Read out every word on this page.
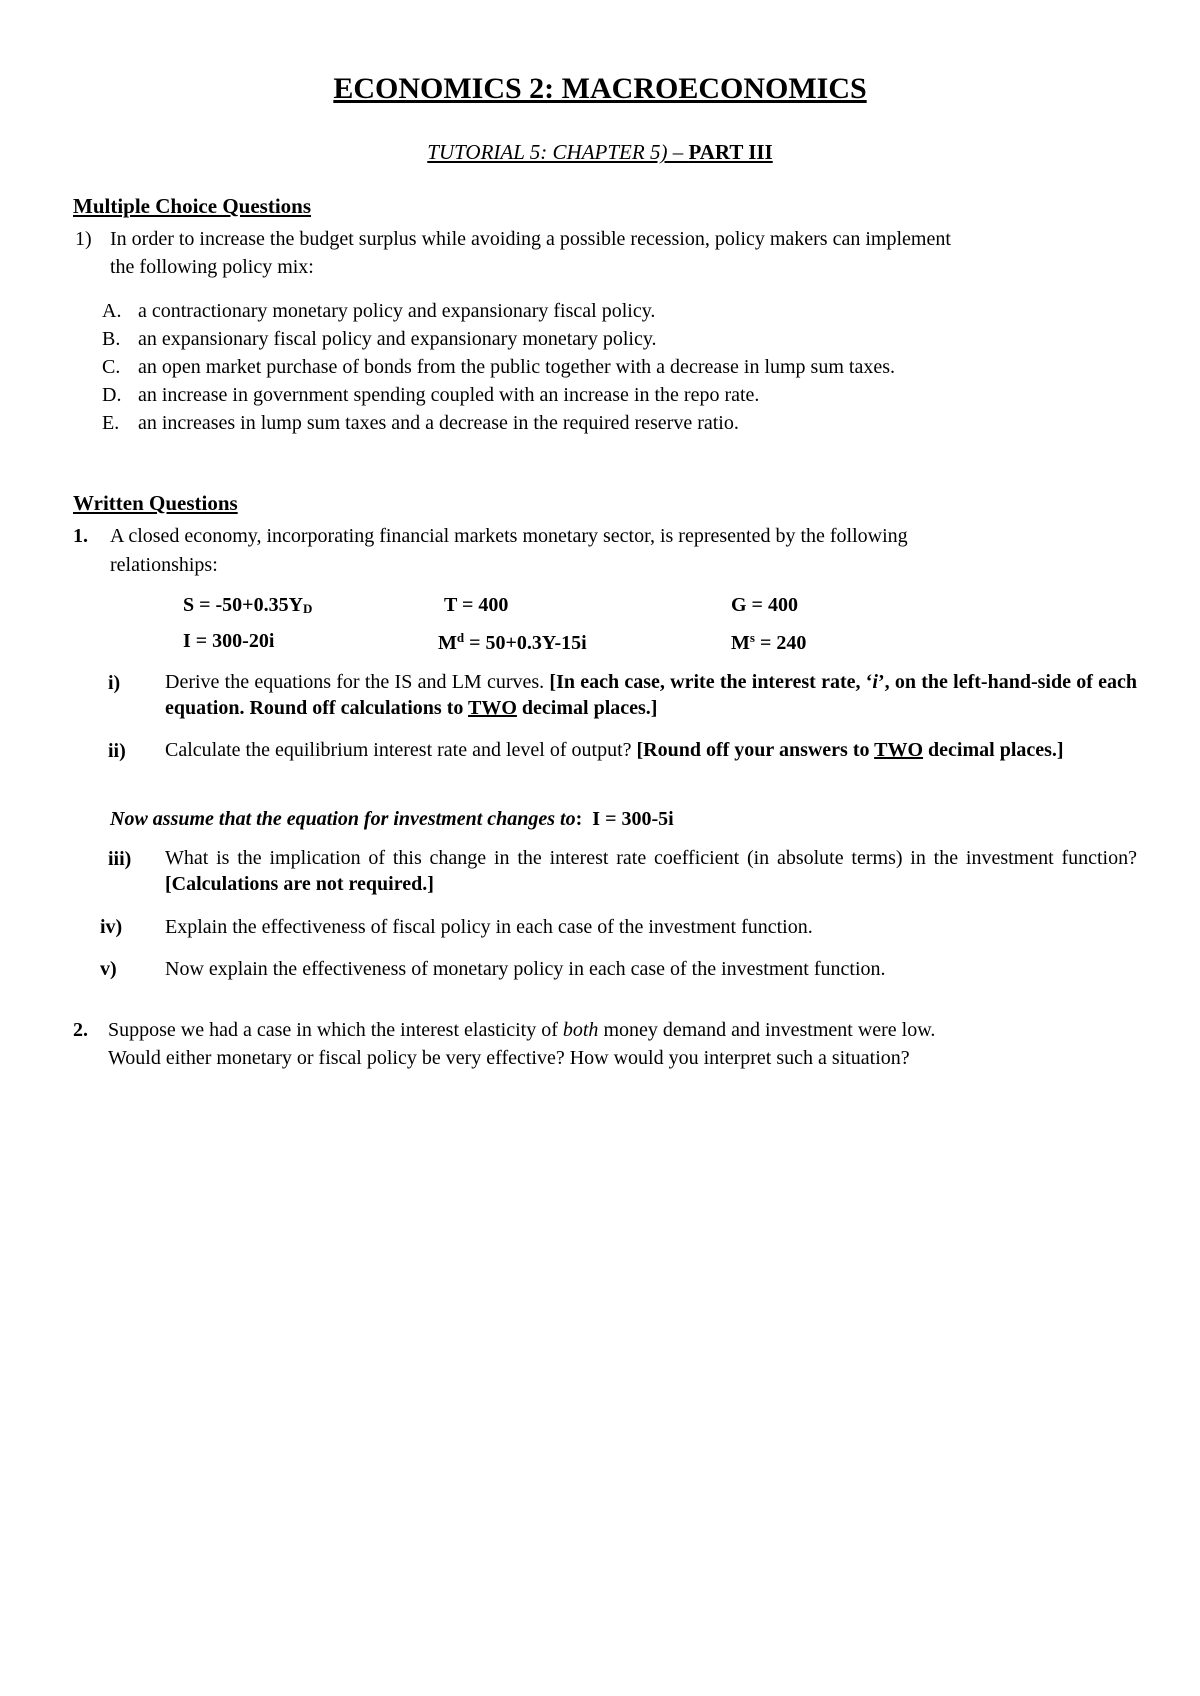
ECONOMICS 2: MACROECONOMICS
TUTORIAL 5: CHAPTER 5) – PART III
Multiple Choice Questions
1) In order to increase the budget surplus while avoiding a possible recession, policy makers can implement
the following policy mix:
A. a contractionary monetary policy and expansionary fiscal policy.
B. an expansionary fiscal policy and expansionary monetary policy.
C. an open market purchase of bonds from the public together with a decrease in lump sum taxes.
D. an increase in government spending coupled with an increase in the repo rate.
E. an increases in lump sum taxes and a decrease in the required reserve ratio.
Written Questions
1. A closed economy, incorporating financial markets monetary sector, is represented by the following
relationships:
S = -50+0.35YD	T = 400	G = 400
I = 300-20i	$M^d = 50+0.3Y-15i$	$M^s = 240$
i) Derive the equations for the IS and LM curves. [In each case, write the interest rate, ‘i’, on the left-hand-side of each equation. Round off calculations to TWO decimal places.]
ii) Calculate the equilibrium interest rate and level of output? [Round off your answers to TWO decimal places.]
Now assume that the equation for investment changes to: I = 300-5i
iii) What is the implication of this change in the interest rate coefficient (in absolute terms) in the investment function? [Calculations are not required.]
iv) Explain the effectiveness of fiscal policy in each case of the investment function.
v) Now explain the effectiveness of monetary policy in each case of the investment function.
2. Suppose we had a case in which the interest elasticity of both money demand and investment were low.
Would either monetary or fiscal policy be very effective? How would you interpret such a situation?
